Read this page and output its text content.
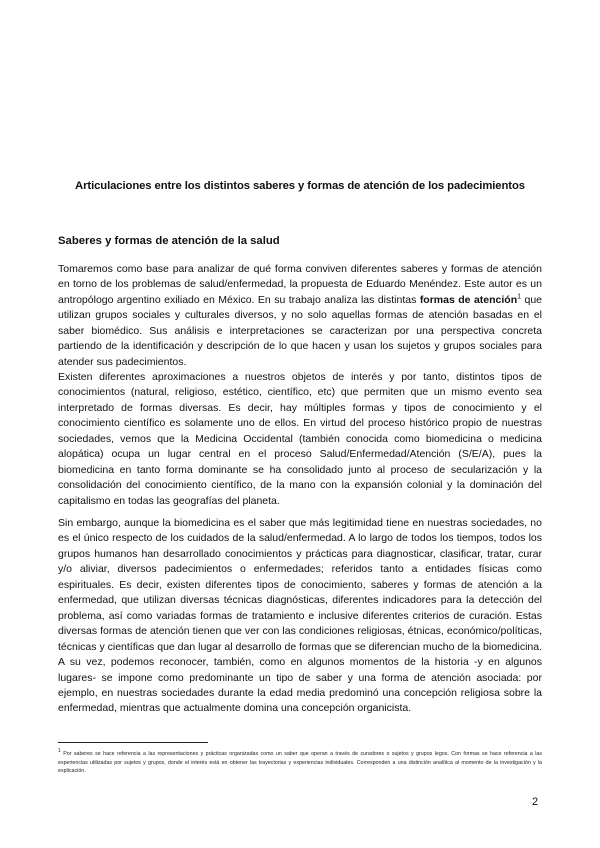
Articulaciones entre los distintos saberes y formas de atención de los padecimientos
Saberes y formas de atención de la salud
Tomaremos como base para analizar de qué forma conviven diferentes saberes y formas de atención en torno de los problemas de salud/enfermedad, la propuesta de Eduardo Menéndez. Este autor es un antropólogo argentino exiliado en México. En su trabajo analiza las distintas formas de atención$^1$ que utilizan grupos sociales y culturales diversos, y no solo aquellas formas de atención basadas en el saber biomédico. Sus análisis e interpretaciones se caracterizan por una perspectiva concreta partiendo de la identificación y descripción de lo que hacen y usan los sujetos y grupos sociales para atender sus padecimientos.
Existen diferentes aproximaciones a nuestros objetos de interés y por tanto, distintos tipos de conocimientos (natural, religioso, estético, científico, etc) que permiten que un mismo evento sea interpretado de formas diversas. Es decir, hay múltiples formas y tipos de conocimiento y el conocimiento científico es solamente uno de ellos. En virtud del proceso histórico propio de nuestras sociedades, vemos que la Medicina Occidental (también conocida como biomedicina o medicina alopática) ocupa un lugar central en el proceso Salud/Enfermedad/Atención (S/E/A), pues la biomedicina en tanto forma dominante se ha consolidado junto al proceso de secularización y la consolidación del conocimiento científico, de la mano con la expansión colonial y la dominación del capitalismo en todas las geografías del planeta.
Sin embargo, aunque la biomedicina es el saber que más legitimidad tiene en nuestras sociedades, no es el único respecto de los cuidados de la salud/enfermedad. A lo largo de todos los tiempos, todos los grupos humanos han desarrollado conocimientos y prácticas para diagnosticar, clasificar, tratar, curar y/o aliviar, diversos padecimientos o enfermedades; referidos tanto a entidades físicas como espirituales. Es decir, existen diferentes tipos de conocimiento, saberes y formas de atención a la enfermedad, que utilizan diversas técnicas diagnósticas, diferentes indicadores para la detección del problema, así como variadas formas de tratamiento e inclusive diferentes criterios de curación. Estas diversas formas de atención tienen que ver con las condiciones religiosas, étnicas, económico/políticas, técnicas y científicas que dan lugar al desarrollo de formas que se diferencian mucho de la biomedicina. A su vez, podemos reconocer, también, como en algunos momentos de la historia -y en algunos lugares- se impone como predominante un tipo de saber y una forma de atención asociada: por ejemplo, en nuestras sociedades durante la edad media predominó una concepción religiosa sobre la enfermedad, mientras que actualmente domina una concepción organicista.
$^1$ Por saberes se hace referencia a las representaciones y prácticas organizadas como un saber que operan a través de curadores o sujetos y grupos legos. Con formas se hace referencia a las experiencias utilizadas por sujetos y grupos, donde el interés está en obtener las trayectorias y experiencias individuales. Corresponden a una distinción analítica al momento de la investigación y la explicación.
2
